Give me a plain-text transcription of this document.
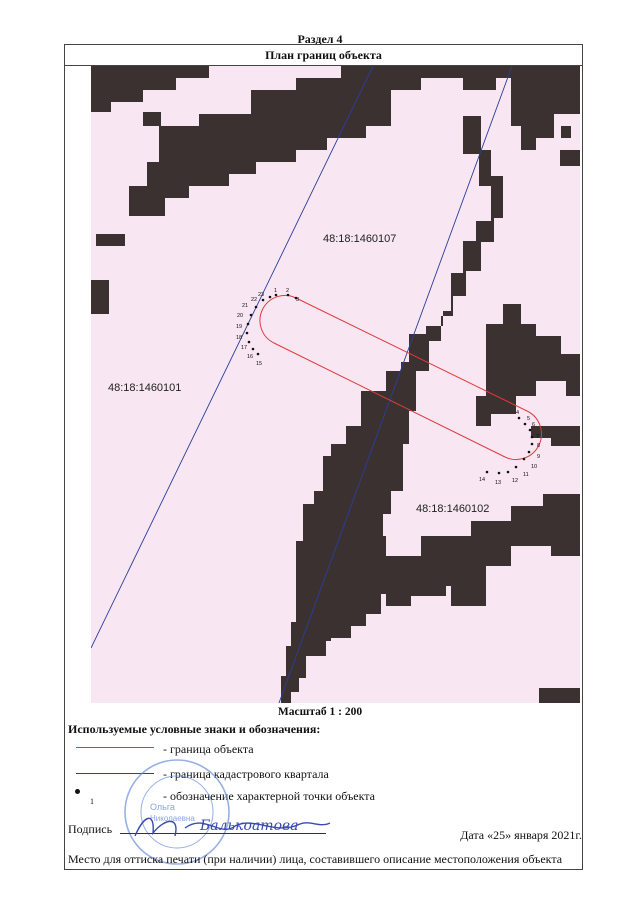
Раздел 4
План границ объекта
1 2
3
4
5
6
7
8
9
10
11
12
13
14
15
16
17
18
19
20
21
22
23
48:18:1460107
48:18:1460101
48:18:1460102
Масштаб 1 : 200
Используемые условные знаки и обозначения:
- граница объекта
- граница кадастрового квартала
1	- обозначение характерной точки объекта
Ольга
Николаевна
Подпись	Балькоатова
Дата «25» января 2021г.
Место для оттиска печати (при наличии) лица, составившего описание местоположения объекта
